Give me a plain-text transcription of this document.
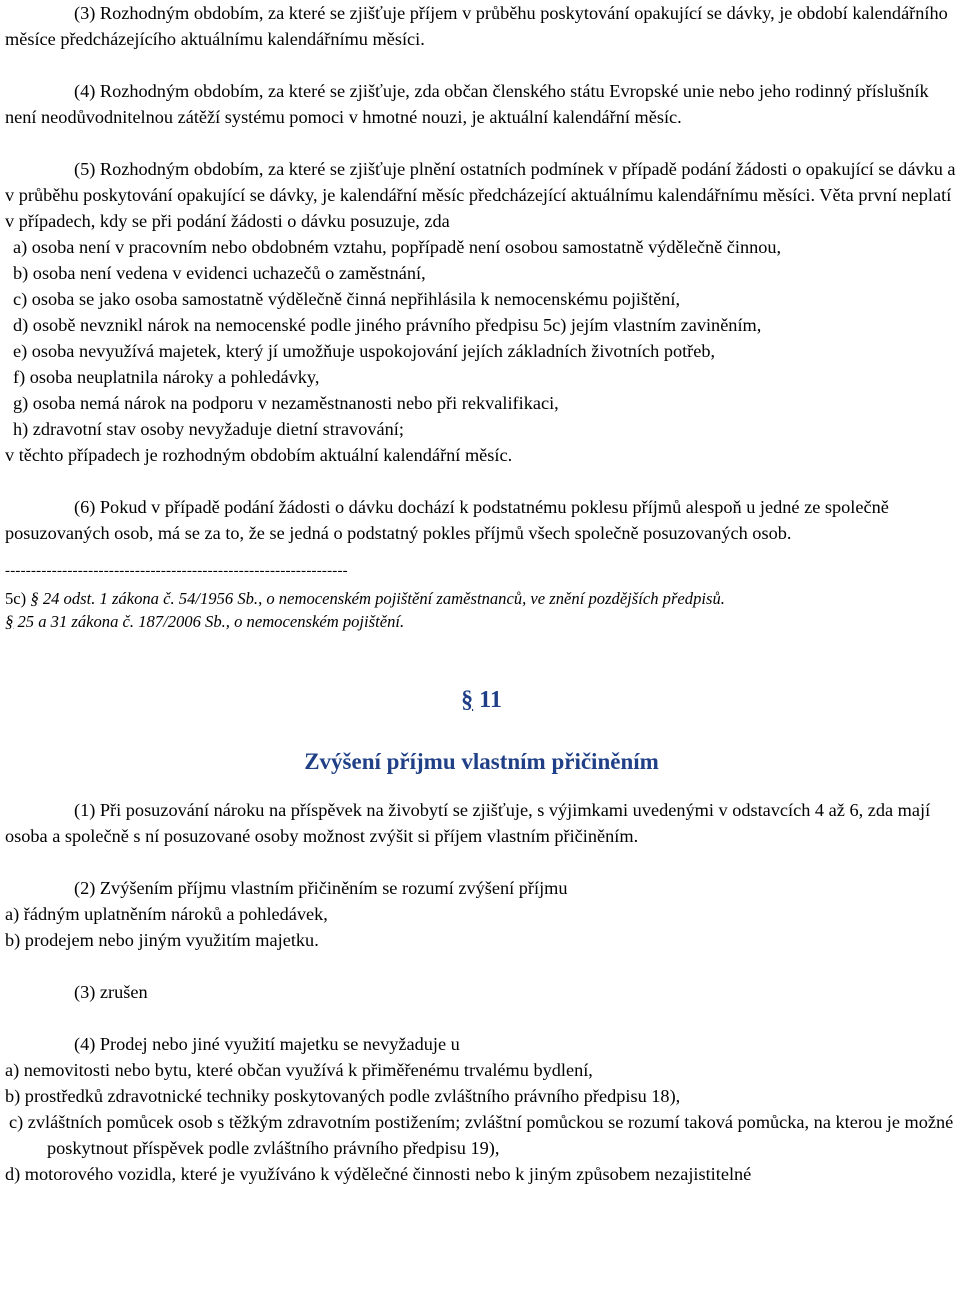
(3) Rozhodným obdobím, za které se zjišťuje příjem v průběhu poskytování opakující se dávky, je období kalendářního měsíce předcházejícího aktuálnímu kalendářnímu měsíci.

(4) Rozhodným obdobím, za které se zjišťuje, zda občan členského státu Evropské unie nebo jeho rodinný příslušník není neodůvodnitelnou zátěží systému pomoci v hmotné nouzi, je aktuální kalendářní měsíc.

(5) Rozhodným obdobím, za které se zjišťuje plnění ostatních podmínek v případě podání žádosti o opakující se dávku a v průběhu poskytování opakující se dávky, je kalendářní měsíc předcházející aktuálnímu kalendářnímu měsíci. Věta první neplatí v případech, kdy se při podání žádosti o dávku posuzuje, zda

a) osoba není v pracovním nebo obdobném vztahu, popřípadě není osobou samostatně výdělečně činnou,

b) osoba není vedena v evidenci uchazečů o zaměstnání,

c) osoba se jako osoba samostatně výdělečně činná nepřihlásila k nemocenskému pojištění,

d) osobě nevznikl nárok na nemocenské podle jiného právního předpisu 5c) jejím vlastním zaviněním,

e) osoba nevyužívá majetek, který jí umožňuje uspokojování jejích základních životních potřeb,

f) osoba neuplatnila nároky a pohledávky,

g) osoba nemá nárok na podporu v nezaměstnanosti nebo při rekvalifikaci,

h) zdravotní stav osoby nevyžaduje dietní stravování;

v těchto případech je rozhodným obdobím aktuální kalendářní měsíc.

(6) Pokud v případě podání žádosti o dávku dochází k podstatnému poklesu příjmů alespoň u jedné ze společně posuzovaných osob, má se za to, že se jedná o podstatný pokles příjmů všech společně posuzovaných osob.

------------------------------------------------------------------

5c) § 24 odst. 1 zákona č. 54/1956 Sb., o nemocenském pojištění zaměstnanců, ve znění pozdějších předpisů.

§ 25 a 31 zákona č. 187/2006 Sb., o nemocenském pojištění.

§ 11

Zvýšení příjmu vlastním přičiněním

(1) Při posuzování nároku na příspěvek na živobytí se zjišťuje, s výjimkami uvedenými v odstavcích 4 až 6, zda mají osoba a společně s ní posuzované osoby možnost zvýšit si příjem vlastním přičiněním.

(2) Zvýšením příjmu vlastním přičiněním se rozumí zvýšení příjmu

a) řádným uplatněním nároků a pohledávek,

b) prodejem nebo jiným využitím majetku.

(3) zrušen

(4) Prodej nebo jiné využití majetku se nevyžaduje u

a) nemovitosti nebo bytu, které občan využívá k přiměřenému trvalému bydlení,

b) prostředků zdravotnické techniky poskytovaných podle zvláštního právního předpisu 18),

c) zvláštních pomůcek osob s těžkým zdravotním postižením; zvláštní pomůckou se rozumí taková pomůcka, na kterou je možné poskytnout příspěvek podle zvláštního právního předpisu 19),

d) motorového vozidla, které je využíváno k výdělečné činnosti nebo k jiným způsobem nezajistitelné
